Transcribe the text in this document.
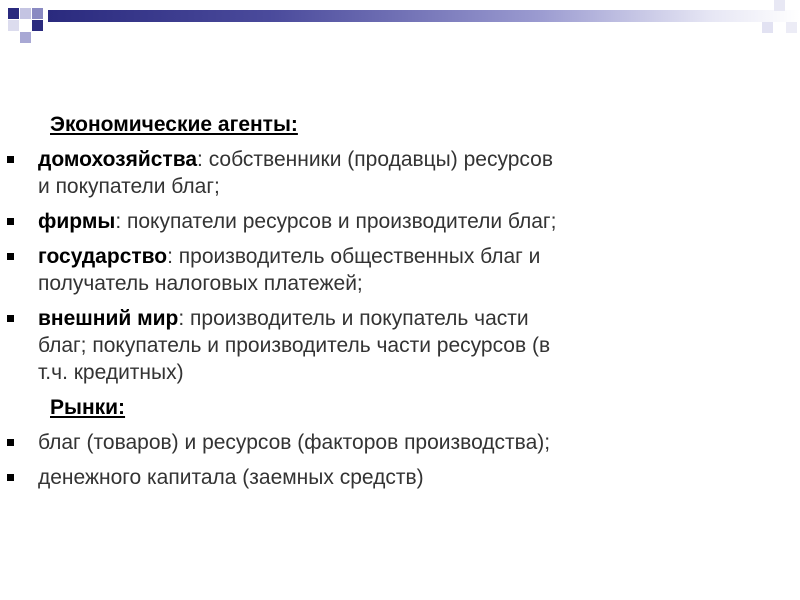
Экономические агенты:
домохозяйства: собственники (продавцы) ресурсов
и покупатели благ;
фирмы: покупатели ресурсов и производители благ;
государство: производитель общественных благ и
получатель налоговых платежей;
внешний мир: производитель и покупатель части
благ; покупатель и производитель части ресурсов (в
т.ч. кредитных)
Рынки:
благ (товаров) и ресурсов (факторов производства);
денежного капитала (заемных средств)
